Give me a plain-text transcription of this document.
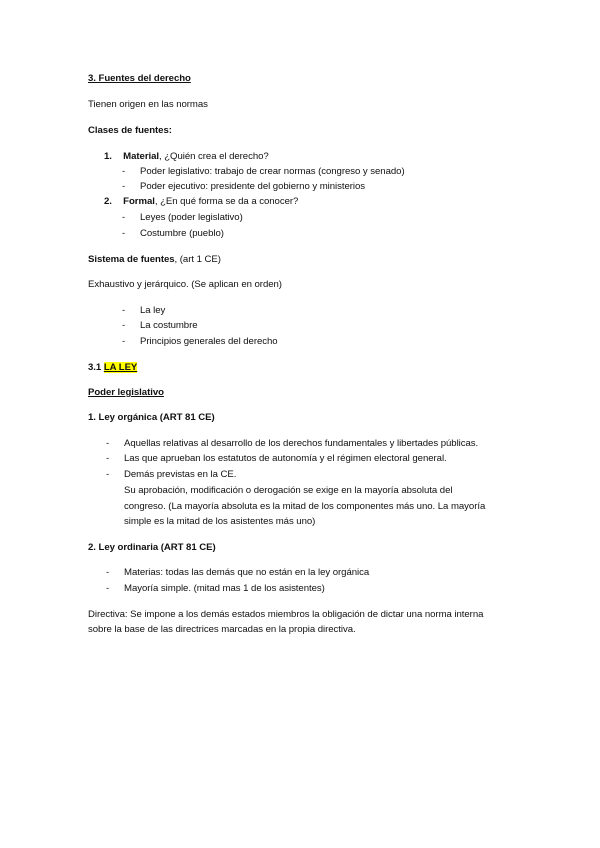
3. Fuentes del derecho
Tienen origen en las normas
Clases de fuentes:
1. Material, ¿Quién crea el derecho?
- Poder legislativo: trabajo de crear normas (congreso y senado)
- Poder ejecutivo: presidente del gobierno y ministerios
2. Formal, ¿En qué forma se da a conocer?
- Leyes (poder legislativo)
- Costumbre (pueblo)
Sistema de fuentes, (art 1 CE)
Exhaustivo y jerárquico. (Se aplican en orden)
- La ley
- La costumbre
- Principios generales del derecho
3.1 LA LEY
Poder legislativo
1. Ley orgánica (ART 81 CE)
- Aquellas relativas al desarrollo de los derechos fundamentales y libertades públicas.
- Las que aprueban los estatutos de autonomía y el régimen electoral general.
- Demás previstas en la CE.
Su aprobación, modificación o derogación se exige en la mayoría absoluta del
congreso. (La mayoría absoluta es la mitad de los componentes más uno. La mayoría
simple es la mitad de los asistentes más uno)
2. Ley ordinaria (ART 81 CE)
- Materias: todas las demás que no están en la ley orgánica
- Mayoría simple. (mitad mas 1 de los asistentes)
Directiva: Se impone a los demás estados miembros la obligación de dictar una norma interna
sobre la base de las directrices marcadas en la propia directiva.
